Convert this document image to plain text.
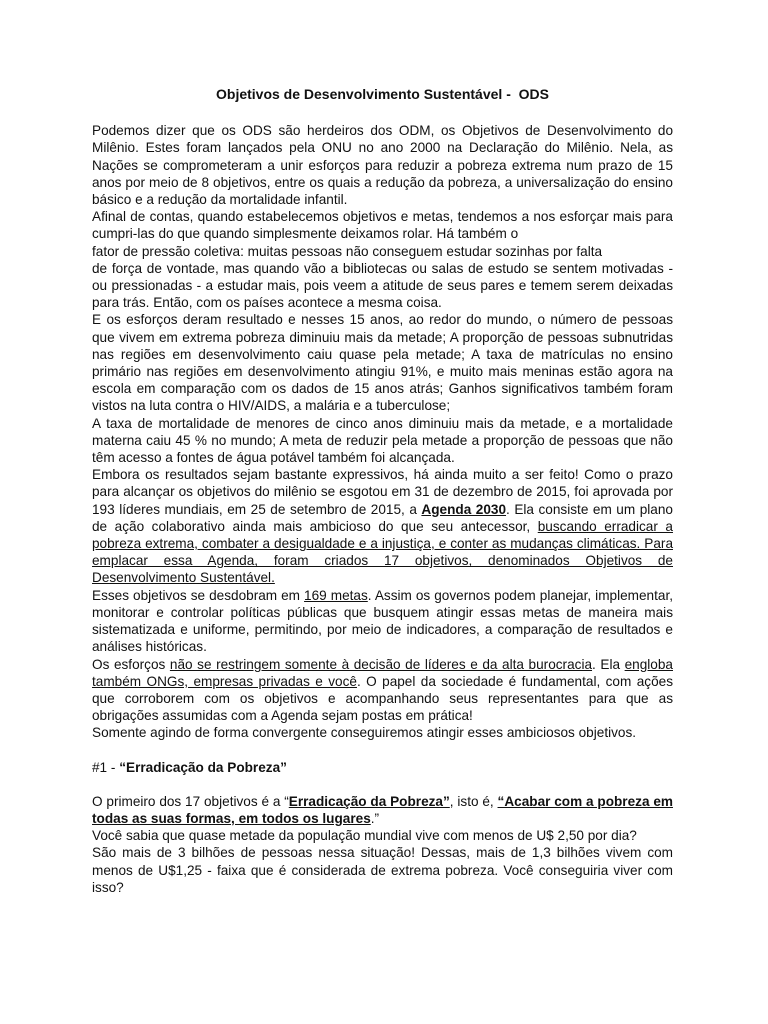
Objetivos de Desenvolvimento Sustentável -  ODS

Podemos dizer que os ODS são herdeiros dos ODM, os Objetivos de Desenvolvimento do Milênio. Estes foram lançados pela ONU no ano 2000 na Declaração do Milênio. Nela, as Nações se comprometeram a unir esforços para reduzir a pobreza extrema num prazo de 15 anos por meio de 8 objetivos, entre os quais a redução da pobreza, a universalização do ensino básico e a redução da mortalidade infantil.

Afinal de contas, quando estabelecemos objetivos e metas, tendemos a nos esforçar mais para cumpri-las do que quando simplesmente deixamos rolar. Há também o

fator de pressão coletiva: muitas pessoas não conseguem estudar sozinhas por falta

de força de vontade, mas quando vão a bibliotecas ou salas de estudo se sentem motivadas - ou pressionadas - a estudar mais, pois veem a atitude de seus pares e temem serem deixadas para trás. Então, com os países acontece a mesma coisa.

E os esforços deram resultado e nesses 15 anos, ao redor do mundo, o número de pessoas que vivem em extrema pobreza diminuiu mais da metade; A proporção de pessoas subnutridas nas regiões em desenvolvimento caiu quase pela metade; A taxa de matrículas no ensino primário nas regiões em desenvolvimento atingiu 91%, e muito mais meninas estão agora na escola em comparação com os dados de 15 anos atrás; Ganhos significativos também foram vistos na luta contra o HIV/AIDS, a malária e a tuberculose;

A taxa de mortalidade de menores de cinco anos diminuiu mais da metade, e a mortalidade materna caiu 45 % no mundo; A meta de reduzir pela metade a proporção de pessoas que não têm acesso a fontes de água potável também foi alcançada.

Embora os resultados sejam bastante expressivos, há ainda muito a ser feito! Como o prazo para alcançar os objetivos do milênio se esgotou em 31 de dezembro de 2015, foi aprovada por 193 líderes mundiais, em 25 de setembro de 2015, a Agenda 2030. Ela consiste em um plano de ação colaborativo ainda mais ambicioso do que seu antecessor, buscando erradicar a pobreza extrema, combater a desigualdade e a injustiça, e conter as mudanças climáticas. Para emplacar essa Agenda, foram criados 17 objetivos, denominados Objetivos de Desenvolvimento Sustentável.

Esses objetivos se desdobram em 169 metas. Assim os governos podem planejar, implementar, monitorar e controlar políticas públicas que busquem atingir essas metas de maneira mais sistematizada e uniforme, permitindo, por meio de indicadores, a comparação de resultados e análises históricas.

Os esforços não se restringem somente à decisão de líderes e da alta burocracia. Ela engloba também ONGs, empresas privadas e você. O papel da sociedade é fundamental, com ações que corroborem com os objetivos e acompanhando seus representantes para que as obrigações assumidas com a Agenda sejam postas em prática!

Somente agindo de forma convergente conseguiremos atingir esses ambiciosos objetivos.

#1 - “Erradicação da Pobreza”

O primeiro dos 17 objetivos é a “Erradicação da Pobreza”, isto é, “Acabar com a pobreza em todas as suas formas, em todos os lugares.”

Você sabia que quase metade da população mundial vive com menos de U$ 2,50 por dia?

São mais de 3 bilhões de pessoas nessa situação! Dessas, mais de 1,3 bilhões vivem com menos de U$1,25 - faixa que é considerada de extrema pobreza. Você conseguiria viver com isso?
